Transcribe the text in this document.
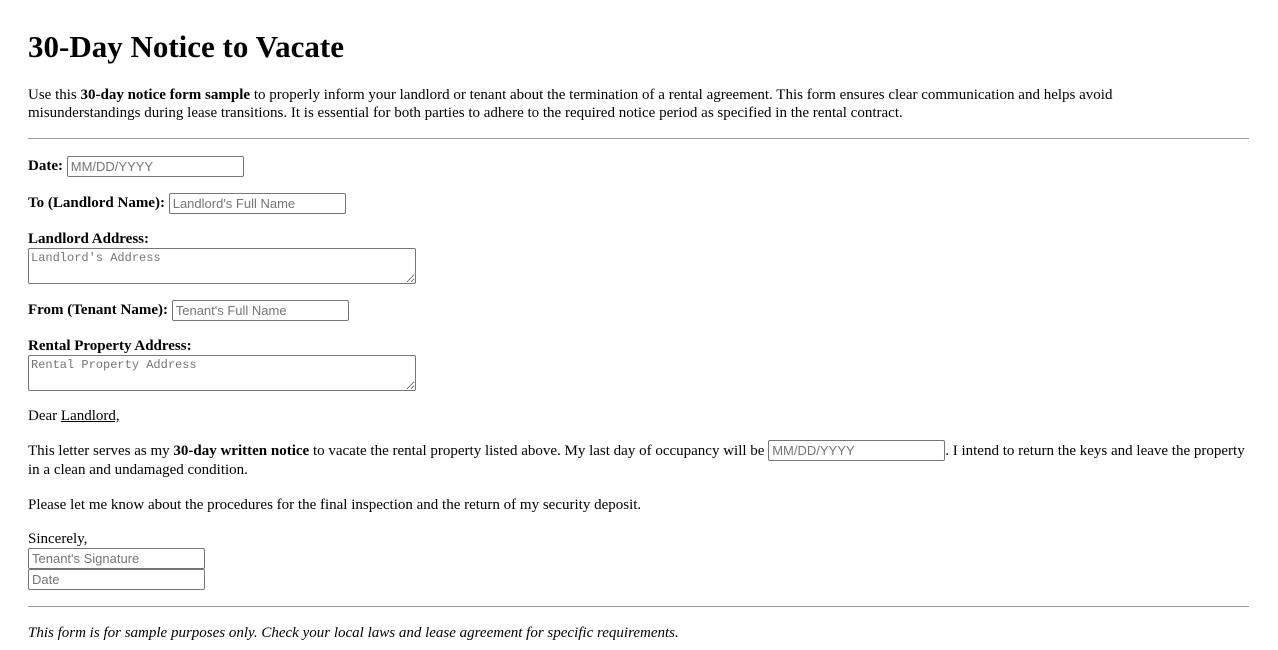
30-Day Notice to Vacate

Use this 30-day notice form sample to properly inform your landlord or tenant about the termination of a rental agreement. This form ensures clear communication and helps avoid misunderstandings during lease transitions. It is essential for both parties to adhere to the required notice period as specified in the rental contract.

Date: MM/DD/YYYY
To (Landlord Name): Landlord's Full Name
Landlord Address:
Landlord's Address
From (Tenant Name): Tenant's Full Name
Rental Property Address:
Rental Property Address

Dear Landlord,

This letter serves as my 30-day written notice to vacate the rental property listed above. My last day of occupancy will be MM/DD/YYYY	. I intend to return the keys and leave the property in a clean and undamaged condition.

Please let me know about the procedures for the final inspection and the return of my security deposit.

Sincerely,

Tenant's Signature
Date

This form is for sample purposes only. Check your local laws and lease agreement for specific requirements.
